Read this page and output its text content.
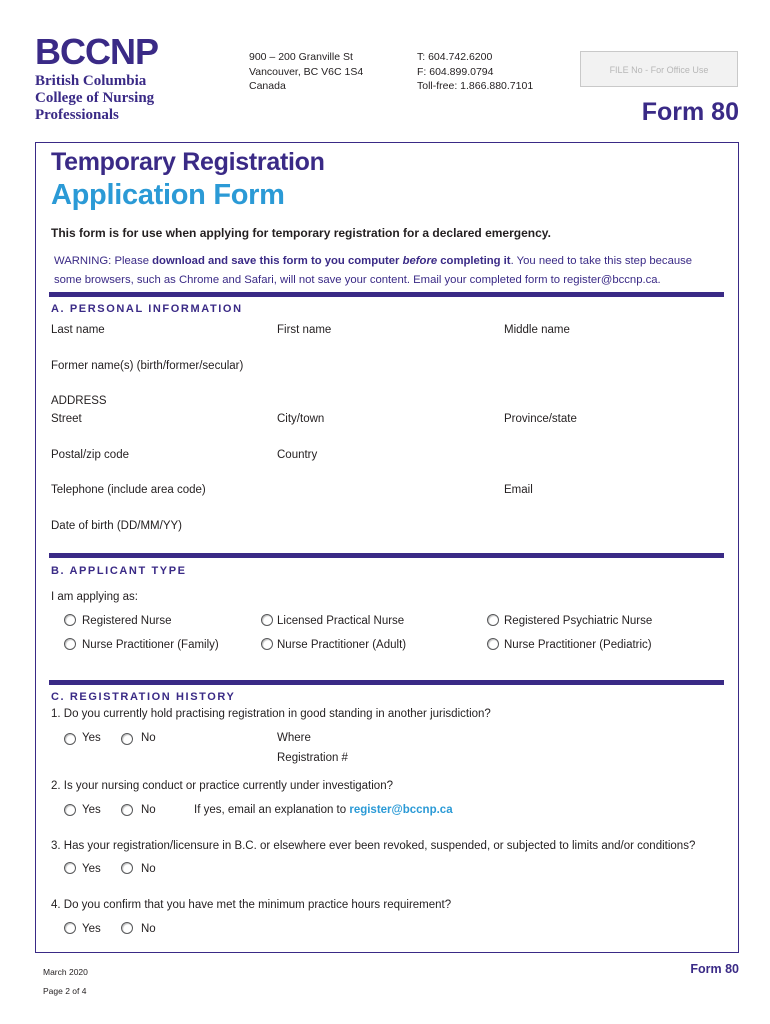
BCCNP
British Columbia
College of Nursing
Professionals
900 – 200 Granville St
Vancouver, BC V6C 1S4
Canada
T: 604.742.6200
F: 604.899.0794
Toll-free: 1.866.880.7101
FILE No - For Office Use
Form 80
Temporary Registration
Application Form
This form is for use when applying for temporary registration for a declared emergency.
WARNING: Please download and save this form to you computer before completing it. You need to take this step because
some browsers, such as Chrome and Safari, will not save your content. Email your completed form to register@bccnp.ca.
A. PERSONAL INFORMATION
Last name	First name	Middle name
Former name(s) (birth/former/secular)
ADDRESS
Street	City/town	Province/state
Postal/zip code	Country
Telephone (include area code)	Email
Date of birth (DD/MM/YY)
B. APPLICANT TYPE
I am applying as:
Registered Nurse	Licensed Practical Nurse	Registered Psychiatric Nurse
Nurse Practitioner (Family)	Nurse Practitioner (Adult)	Nurse Practitioner (Pediatric)
C. REGISTRATION HISTORY
1. Do you currently hold practising registration in good standing in another jurisdiction?
Yes	No	Where
Registration #
2. Is your nursing conduct or practice currently under investigation?
Yes	No	If yes, email an explanation to register@bccnp.ca
3. Has your registration/licensure in B.C. or elsewhere ever been revoked, suspended, or subjected to limits and/or conditions?
Yes	No
4. Do you confirm that you have met the minimum practice hours requirement?
Yes	No
March 2020
Page 2 of 4
Form 80
